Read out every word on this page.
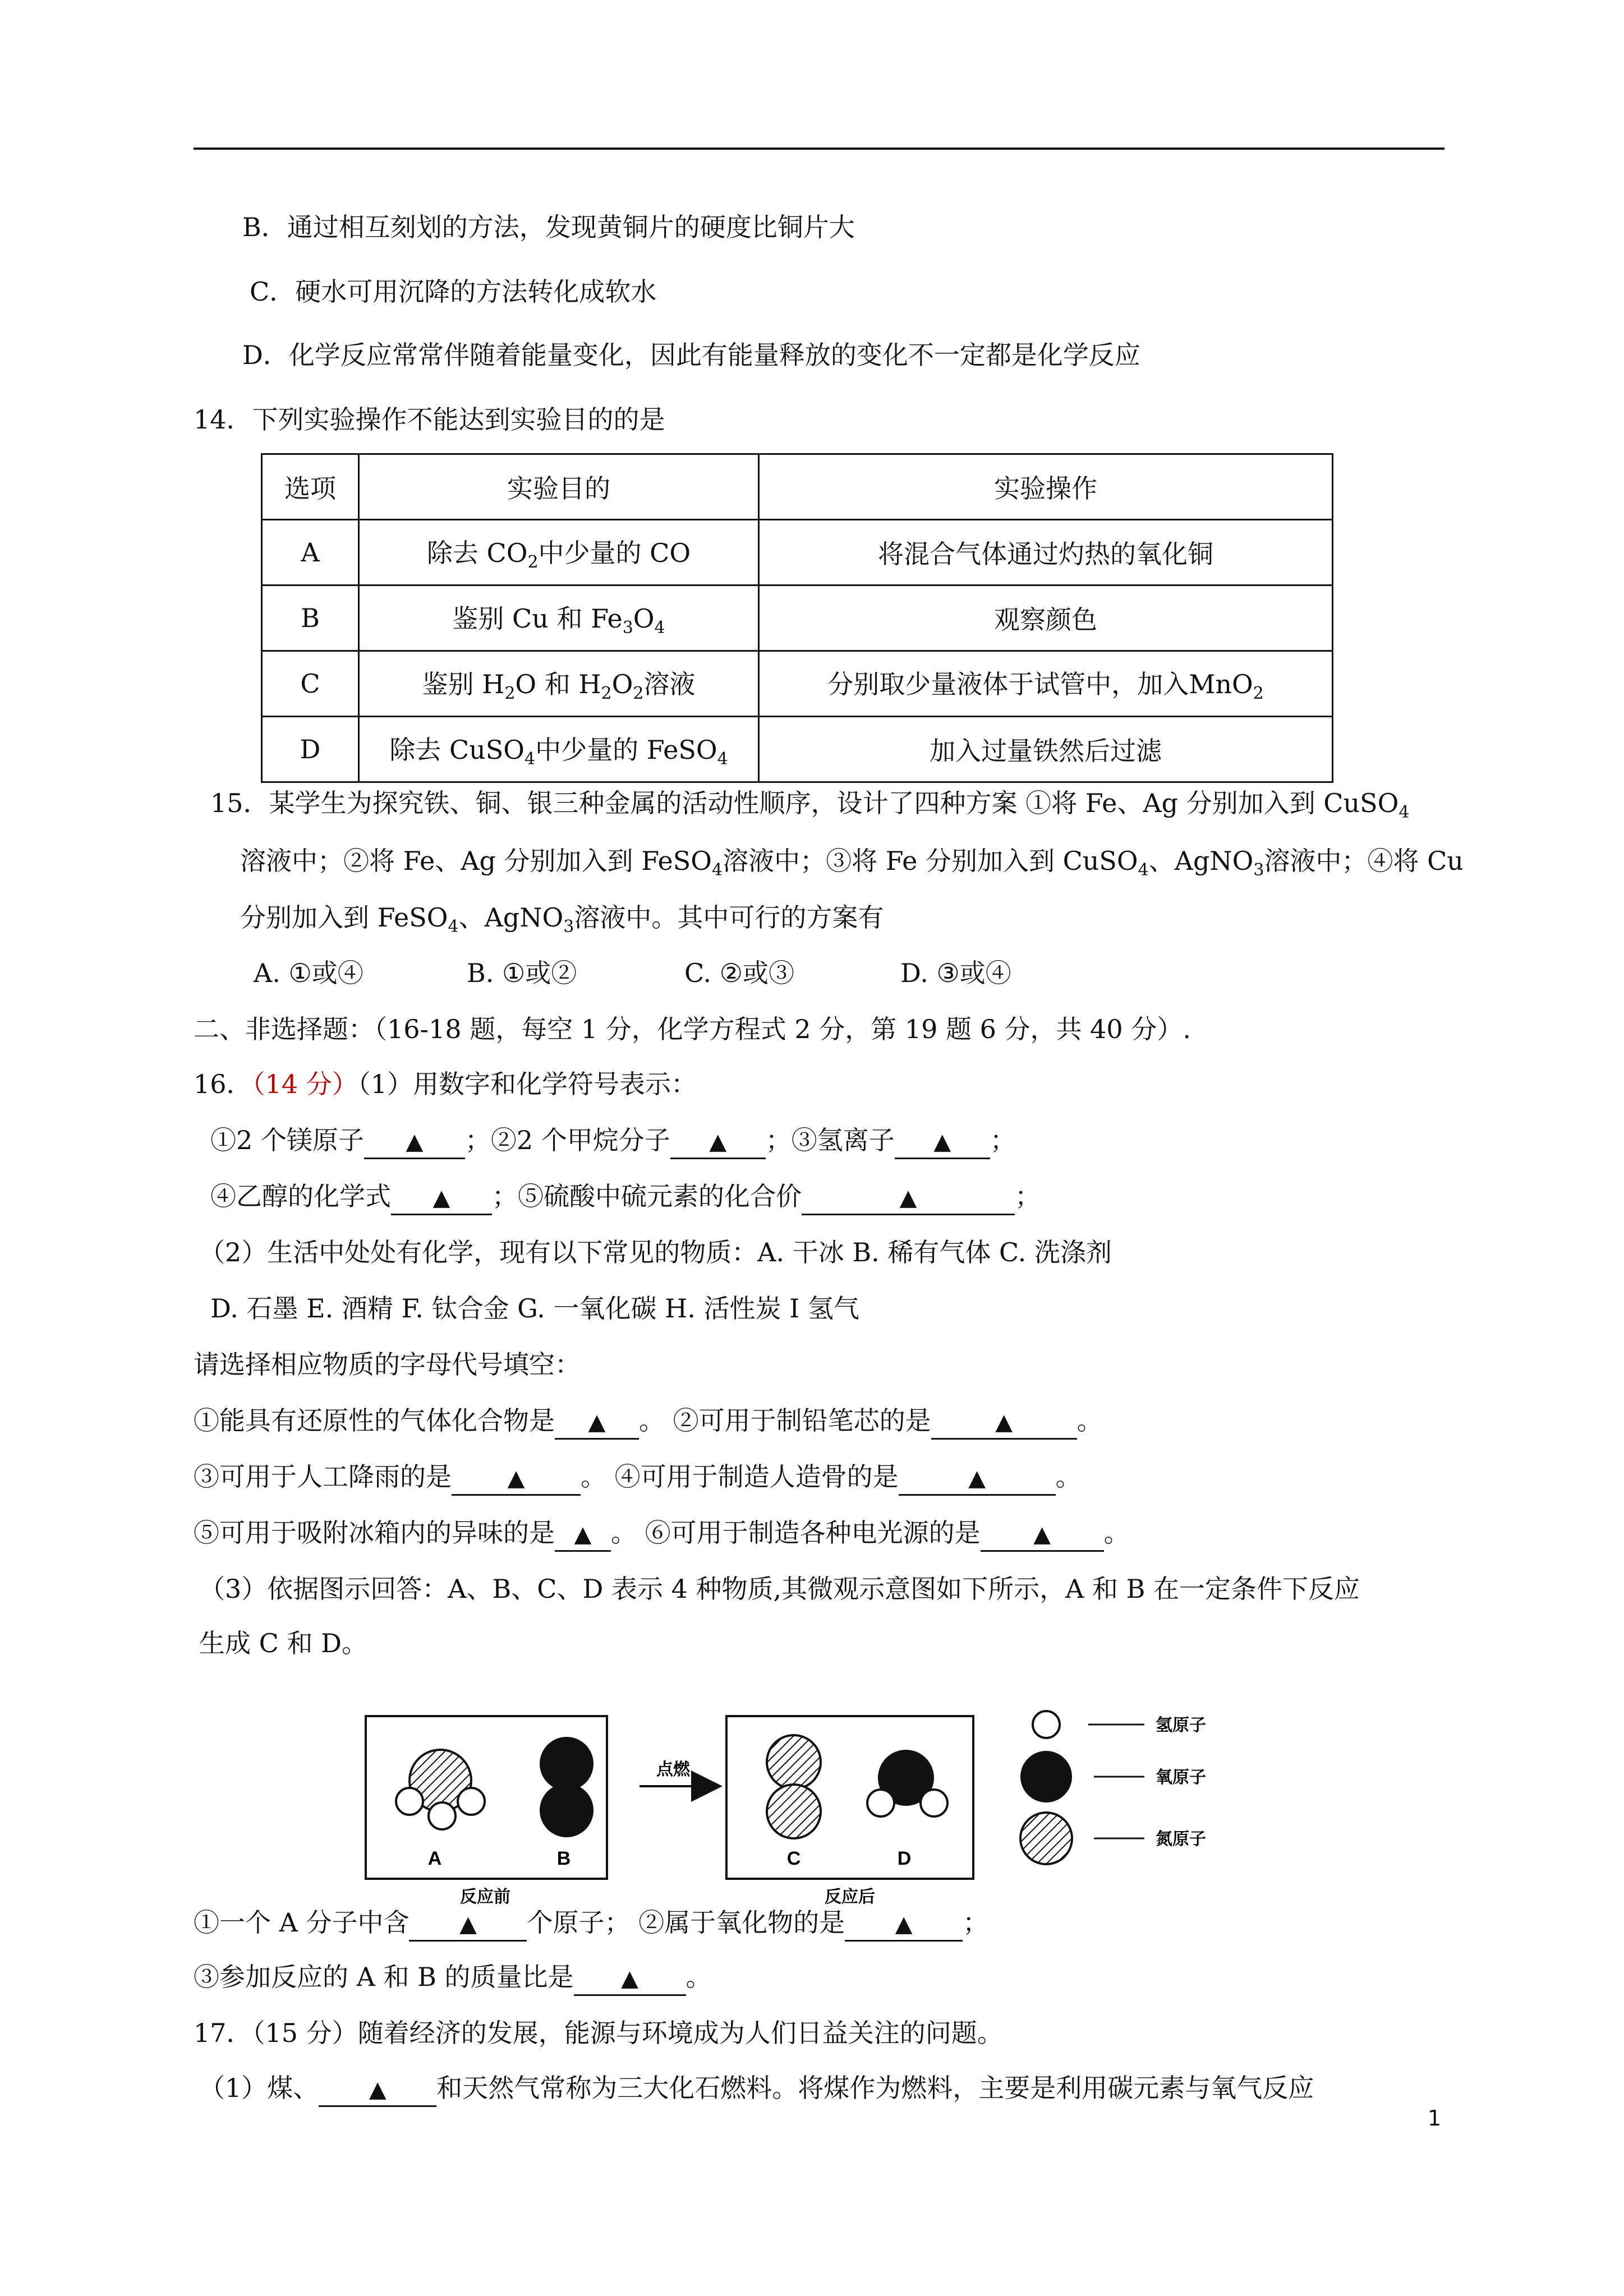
B．通过相互刻划的方法，发现黄铜片的硬度比铜片大
C．硬水可用沉降的方法转化成软水
D．化学反应常常伴随着能量变化，因此有能量释放的变化不一定都是化学反应
14．下列实验操作不能达到实验目的的是
选项	实验目的	实验操作
A	除去 $CO_2$中少量的 CO	将混合气体通过灼热的氧化铜
B	鉴别 Cu 和 $Fe_3O_4$	观察颜色
C	鉴别 $H_2O$ 和 $H_2O_2$溶液	分别取少量液体于试管中，加入MnO$_2$
D	除去 CuSO$_4$中少量的 FeSO$_4$	加入过量铁然后过滤
15．某学生为探究铁、铜、银三种金属的活动性顺序，设计了四种方案 ①将 Fe、Ag 分别加入到 CuSO$_4$
溶液中；②将 Fe、Ag 分别加入到 FeSO$_4$溶液中；③将 Fe 分别加入到 CuSO$_4$、AgNO$_3$溶液中；④将 Cu
分别加入到 FeSO$_4$、AgNO$_3$溶液中。其中可行的方案有
A. ①或④	B. ①或②	C. ②或③	D. ③或④
二、非选择题：（16-18 题，每空 1 分，化学方程式 2 分，第 19 题 6 分，共 40 分）.
16．（14 分）（1）用数字和化学符号表示：
①2 个镁原子 ▲ ；②2 个甲烷分子 ▲ ；③氢离子 ▲ ；
④乙醇的化学式 ▲ ；⑤硫酸中硫元素的化合价	▲	；
（2）生活中处处有化学，现有以下常见的物质：A. 干冰 B. 稀有气体 C. 洗涤剂
D. 石墨 E. 酒精 F. 钛合金 G. 一氧化碳 H. 活性炭 I 氢气
请选择相应物质的字母代号填空：
①能具有还原性的气体化合物是 ▲ 。 ②可用于制铅笔芯的是	▲ 。
③可用于人工降雨的是 ▲ 。 ④可用于制造人造骨的是	▲	。
⑤可用于吸附冰箱内的异味的是 ▲ 。 ⑥可用于制造各种电光源的是 ▲ 。
（3）依据图示回答：A、B、C、D 表示 4 种物质,其微观示意图如下所示，A 和 B 在一定条件下反应
生成 C 和 D。
A	B
反应前
点燃
C	D
反应后
氢原子
氧原子
氮原子
①一个 A 分子中含 ▲ 个原子； ②属于氧化物的是 ▲ ；
③参加反应的 A 和 B 的质量比是 ▲ 。
17．（15 分）随着经济的发展，能源与环境成为人们日益关注的问题。
（1）煤、 ▲ 和天然气常称为三大化石燃料。将煤作为燃料，主要是利用碳元素与氧气反应
1
